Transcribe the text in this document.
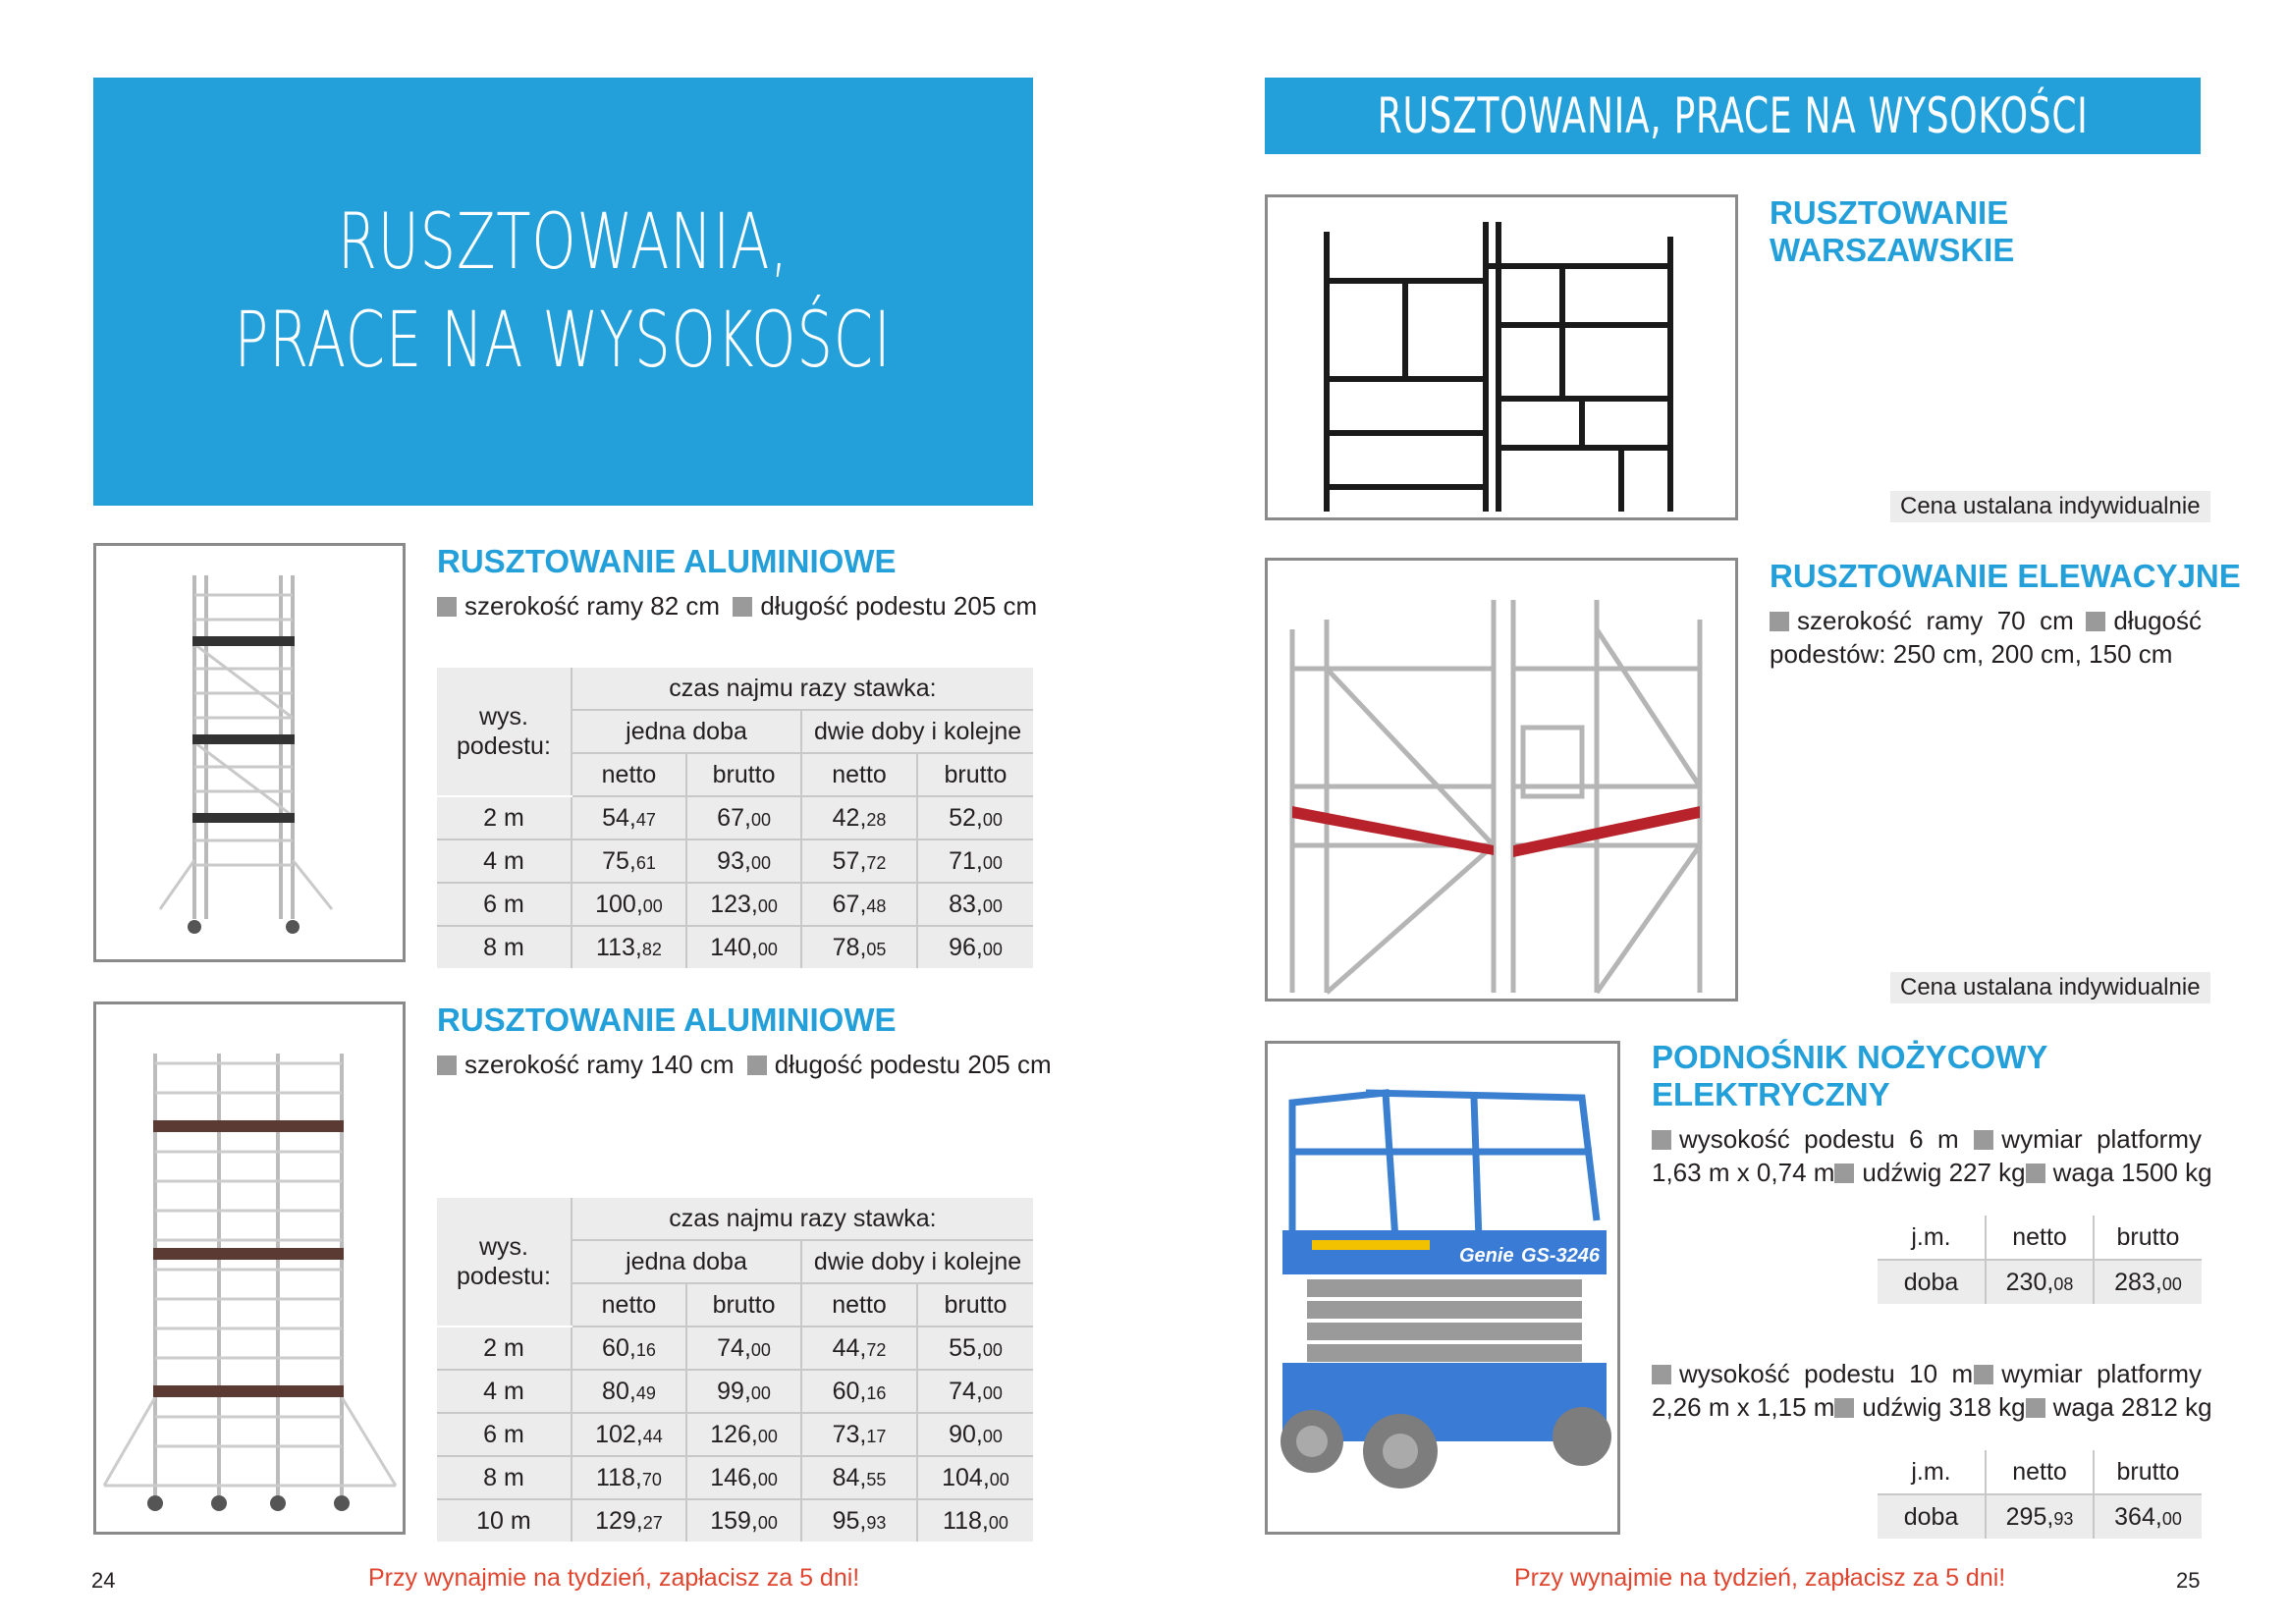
RUSZTOWANIA,
PRACE NA WYSOKOŚCI
RUSZTOWANIE ALUMINIOWE
szerokość ramy 82 cm długość podestu 205 cm
wys. podestu:	czas najmu razy stawka:			
	jedna doba		dwie doby i kolejne	
	netto	brutto	netto	brutto
2 m	54,47	67,00	42,28	52,00
4 m	75,61	93,00	57,72	71,00
6 m	100,00	123,00	67,48	83,00
8 m	113,82	140,00	78,05	96,00
RUSZTOWANIE ALUMINIOWE
szerokość ramy 140 cm długość podestu 205 cm
wys. podestu:	czas najmu razy stawka:			
	jedna doba		dwie doby i kolejne	
	netto	brutto	netto	brutto
2 m	60,16	74,00	44,72	55,00
4 m	80,49	99,00	60,16	74,00
6 m	102,44	126,00	73,17	90,00
8 m	118,70	146,00	84,55	104,00
10 m	129,27	159,00	95,93	118,00
24	Przy wynajmie na tydzień, zapłacisz za 5 dni!
RUSZTOWANIA, PRACE NA WYSOKOŚCI
RUSZTOWANIE
WARSZAWSKIE
Cena ustalana indywidualnie
RUSZTOWANIE ELEWACYJNE
szerokość  ramy  70  cm	długość
podestów: 250 cm, 200 cm, 150 cm
Cena ustalana indywidualnie
Genie GS-3246
PODNOŚNIK NOŻYCOWY
ELEKTRYCZNY
wysokość  podestu  6  m	wymiar  platformy
1,63 m x 0,74 m	udźwig 227 kg	waga 1500 kg
j.m.	netto	brutto
doba	230,08	283,00
wysokość  podestu  10  m	wymiar  platformy
2,26 m x 1,15 m	udźwig 318 kg	waga 2812 kg
j.m.	netto	brutto
doba	295,93	364,00
Przy wynajmie na tydzień, zapłacisz za 5 dni!	25
